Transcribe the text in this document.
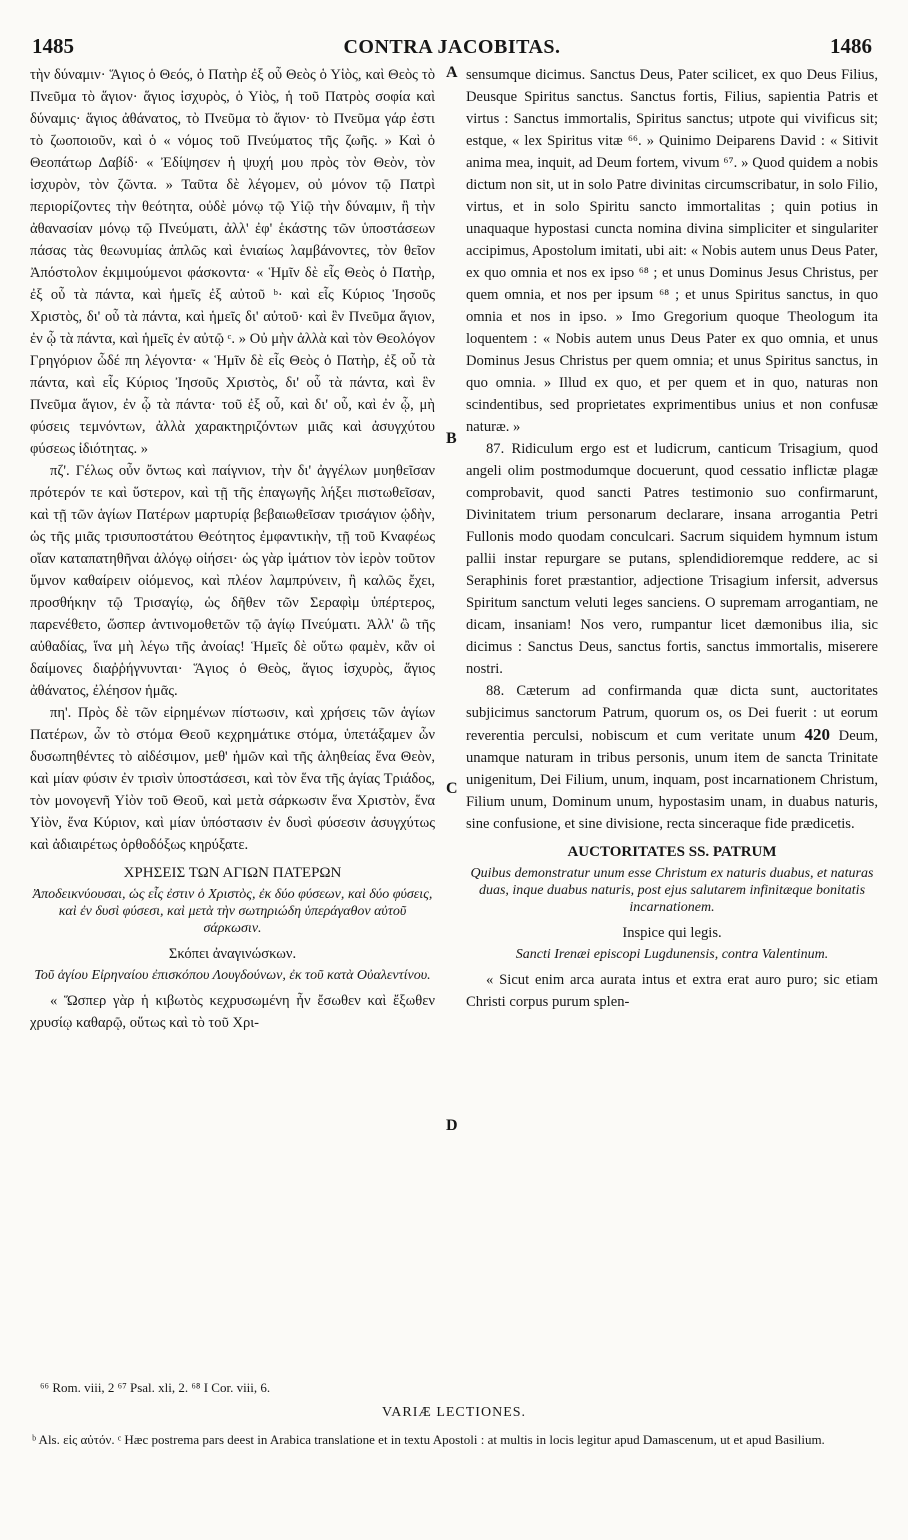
1485	CONTRA JACOBITAS.	1486

τὴν δύναμιν· Ἅγιος ὁ Θεός, ὁ Πατὴρ ἐξ οὗ Θεὸς ὁ Υἱὸς, καὶ Θεὸς τὸ Πνεῦμα τὸ ἅγιον· ἅγιος ἰσχυρὸς, ὁ Υἱὸς, ἡ τοῦ Πατρὸς σοφία καὶ δύναμις· ἅγιος ἀθάνατος, τὸ Πνεῦμα τὸ ἅγιον· τὸ Πνεῦμα γάρ ἐστι τὸ ζωοποιοῦν, καὶ ὁ « νόμος τοῦ Πνεύματος τῆς ζωῆς. » Καὶ ὁ Θεοπάτωρ Δαβίδ· « Ἐδίψησεν ἡ ψυχή μου πρὸς τὸν Θεὸν, τὸν ἰσχυρὸν, τὸν ζῶντα. » Ταῦτα δὲ λέγομεν, οὐ μόνον τῷ Πατρὶ περιορίζοντες τὴν θεότητα, οὐδὲ μόνῳ τῷ Υἱῷ τὴν δύναμιν, ἢ τὴν ἀθανασίαν μόνῳ τῷ Πνεύματι, ἀλλ' ἐφ' ἑκάστης τῶν ὑποστάσεων πάσας τὰς θεωνυμίας ἁπλῶς καὶ ἑνιαίως λαμβάνοντες, τὸν θεῖον Ἀπόστολον ἐκμιμούμενοι φάσκοντα· « Ἡμῖν δὲ εἷς Θεὸς ὁ Πατὴρ, ἐξ οὗ τὰ πάντα, καὶ ἡμεῖς ἐξ αὐτοῦ ᵇ· καὶ εἷς Κύριος Ἰησοῦς Χριστὸς, δι' οὗ τὰ πάντα, καὶ ἡμεῖς δι' αὐτοῦ· καὶ ἓν Πνεῦμα ἅγιον, ἐν ᾧ τὰ πάντα, καὶ ἡμεῖς ἐν αὐτῷ ᶜ. » Οὐ μὴν ἀλλὰ καὶ τὸν Θεολόγον Γρηγόριον ὧδέ πη λέγοντα· « Ἡμῖν δὲ εἷς Θεὸς ὁ Πατὴρ, ἐξ οὗ τὰ πάντα, καὶ εἷς Κύριος Ἰησοῦς Χριστὸς, δι' οὗ τὰ πάντα, καὶ ἓν Πνεῦμα ἅγιον, ἐν ᾧ τὰ πάντα· τοῦ ἐξ οὗ, καὶ δι' οὗ, καὶ ἐν ᾧ, μὴ φύσεις τεμνόντων, ἀλλὰ χαρακτηριζόντων μιᾶς καὶ ἀσυγχύτου φύσεως ἰδιότητας. »

πζ'. Γέλως οὖν ὄντως καὶ παίγνιον, τὴν δι' ἀγγέλων μυηθεῖσαν πρότερόν τε καὶ ὕστερον, καὶ τῇ τῆς ἐπαγωγῆς λήξει πιστωθεῖσαν, καὶ τῇ τῶν ἁγίων Πατέρων μαρτυρίᾳ βεβαιωθεῖσαν τρισάγιον ᾠδὴν, ὡς τῆς μιᾶς τρισυποστάτου Θεότητος ἐμφαντικὴν, τῇ τοῦ Κναφέως οἴαν καταπατηθῆναι ἀλόγῳ οἰήσει· ὡς γὰρ ἱμάτιον τὸν ἱερὸν τοῦτον ὕμνον καθαίρειν οἰόμενος, καὶ πλέον λαμπρύνειν, ἢ καλῶς ἔχει, προσθήκην τῷ Τρισαγίῳ, ὡς δῆθεν τῶν Σεραφὶμ ὑπέρτερος, παρενέθετο, ὥσπερ ἀντινομοθετῶν τῷ ἁγίῳ Πνεύματι. Ἀλλ' ὢ τῆς αὐθαδίας, ἵνα μὴ λέγω τῆς ἀνοίας! Ἡμεῖς δὲ οὕτω φαμὲν, κἂν οἱ δαίμονες διαῤῥήγνυνται· Ἅγιος ὁ Θεὸς, ἅγιος ἰσχυρὸς, ἅγιος ἀθάνατος, ἐλέησον ἡμᾶς.

πη'. Πρὸς δὲ τῶν εἰρημένων πίστωσιν, καὶ χρήσεις τῶν ἁγίων Πατέρων, ὧν τὸ στόμα Θεοῦ κεχρημάτικε στόμα, ὑπετάξαμεν ὧν δυσωπηθέντες τὸ αἰδέσιμον, μεθ' ἡμῶν καὶ τῆς ἀληθείας ἕνα Θεὸν, καὶ μίαν φύσιν ἐν τρισὶν ὑποστάσεσι, καὶ τὸν ἕνα τῆς ἁγίας Τριάδος, τὸν μονογενῆ Υἱὸν τοῦ Θεοῦ, καὶ μετὰ σάρκωσιν ἕνα Χριστὸν, ἕνα Υἱὸν, ἕνα Κύριον, καὶ μίαν ὑπόστασιν ἐν δυσὶ φύσεσιν ἀσυγχύτως καὶ ἀδιαιρέτως ὀρθοδόξως κηρύξατε.

ΧΡΗΣΕΙΣ ΤΩΝ ΑΓΙΩΝ ΠΑΤΕΡΩΝ
Ἀποδεικνύουσαι, ὡς εἷς ἐστιν ὁ Χριστὸς, ἐκ δύο φύσεων, καὶ δύο φύσεις, καὶ ἐν δυσὶ φύσεσι, καὶ μετὰ τὴν σωτηριώδη ὑπεράγαθον αὐτοῦ σάρκωσιν.
Σκόπει ἀναγινώσκων.
Τοῦ ἁγίου Εἰρηναίου ἐπισκόπου Λουγδούνων, ἐκ τοῦ κατὰ Οὐαλεντίνου.

« Ὥσπερ γὰρ ἡ κιβωτὸς κεχρυσωμένη ἦν ἔσωθεν καὶ ἔξωθεν χρυσίῳ καθαρῷ, οὕτως καὶ τὸ τοῦ Χρι-

A
B
C
D

sensumque dicimus. Sanctus Deus, Pater scilicet, ex quo Deus Filius, Deusque Spiritus sanctus. Sanctus fortis, Filius, sapientia Patris et virtus : Sanctus immortalis, Spiritus sanctus; utpote qui vivificus sit; estque, « lex Spiritus vitæ ⁶⁶. » Quinimo Deiparens David : « Sitivit anima mea, inquit, ad Deum fortem, vivum ⁶⁷. » Quod quidem a nobis dictum non sit, ut in solo Patre divinitas circumscribatur, in solo Filio, virtus, et in solo Spiritu sancto immortalitas ; quin potius in unaquaque hypostasi cuncta nomina divina simpliciter et singulariter accipimus, Apostolum imitati, ubi ait: « Nobis autem unus Deus Pater, ex quo omnia et nos ex ipso ⁶⁸ ; et unus Dominus Jesus Christus, per quem omnia, et nos per ipsum ⁶⁸ ; et unus Spiritus sanctus, in quo omnia et nos in ipso. » Imo Gregorium quoque Theologum ita loquentem : « Nobis autem unus Deus Pater ex quo omnia, et unus Dominus Jesus Christus per quem omnia; et unus Spiritus sanctus, in quo omnia. » Illud ex quo, et per quem et in quo, naturas non scindentibus, sed proprietates exprimentibus unius et non confusæ naturæ. »

87. Ridiculum ergo est et ludicrum, canticum Trisagium, quod angeli olim postmodumque docuerunt, quod cessatio inflictæ plagæ comprobavit, quod sancti Patres testimonio suo confirmarunt, Divinitatem trium personarum declarare, insana arrogantia Petri Fullonis modo quodam conculcari. Sacrum siquidem hymnum istum pallii instar repurgare se putans, splendidioremque reddere, ac si Seraphinis foret præstantior, adjectione Trisagium infersit, adversus Spiritum sanctum veluti leges sanciens. O supremam arrogantiam, ne dicam, insaniam! Nos vero, rumpantur licet dæmonibus ilia, sic dicimus : Sanctus Deus, sanctus fortis, sanctus immortalis, miserere nostri.

88. Cæterum ad confirmanda quæ dicta sunt, auctoritates subjicimus sanctorum Patrum, quorum os, os Dei fuerit : ut eorum reverentia perculsi, nobiscum et cum veritate unum 420 Deum, unamque naturam in tribus personis, unum item de sancta Trinitate unigenitum, Dei Filium, unum, inquam, post incarnationem Christum, Filium unum, Dominum unum, hypostasim unam, in duabus naturis, sine confusione, et sine divisione, recta sinceraque fide prædicetis.

AUCTORITATES SS. PATRUM
Quibus demonstratur unum esse Christum ex naturis duabus, et naturas duas, inque duabus naturis, post ejus salutarem infinitæque bonitatis incarnationem.
Inspice qui legis.
Sancti Irenæi episcopi Lugdunensis, contra Valentinum.

« Sicut enim arca aurata intus et extra erat auro puro; sic etiam Christi corpus purum splen-

⁶⁶ Rom. viii, 2 ⁶⁷ Psal. xli, 2. ⁶⁸ I Cor. viii, 6.
VARIÆ LECTIONES.
ᵇ Als. εἰς αὐτόν. ᶜ Hæc postrema pars deest in Arabica translatione et in textu Apostoli : at multis in locis legitur apud Damascenum, ut et apud Basilium.
